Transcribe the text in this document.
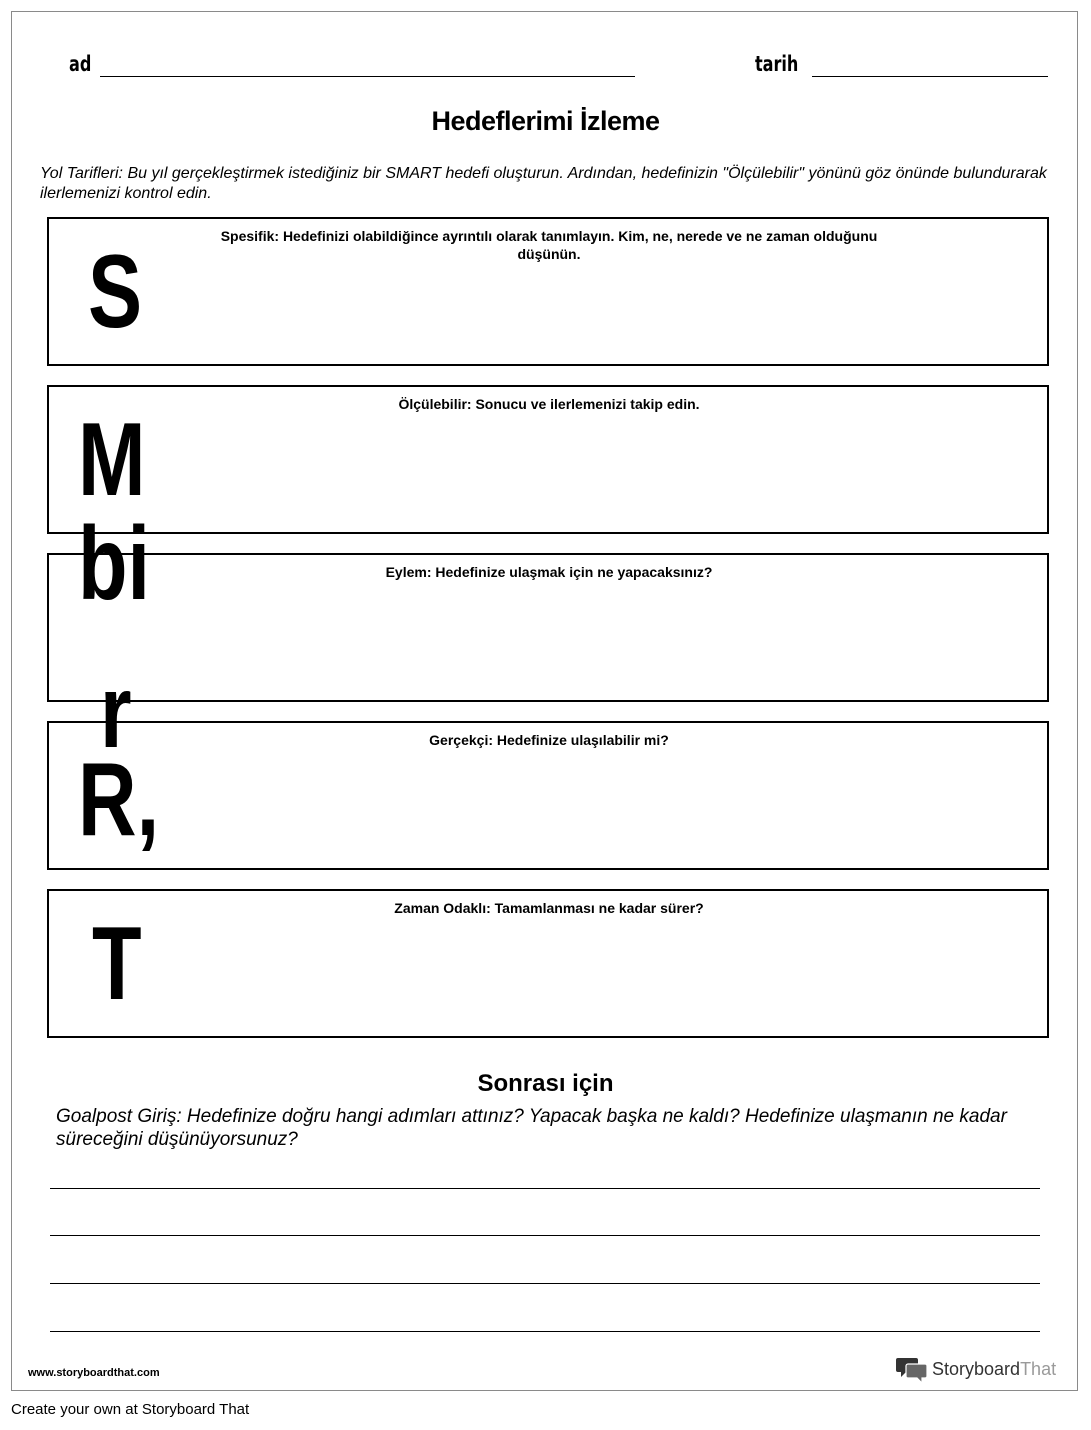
ad	tarih
Hedeflerimi İzleme
Yol Tarifleri: Bu yıl gerçekleştirmek istediğiniz bir SMART hedefi oluşturun. Ardından, hedefinizin "Ölçülebilir" yönünü göz önünde bulundurarak ilerlemenizi kontrol edin.
Spesifik: Hedefinizi olabildiğince ayrıntılı olarak tanımlayın. Kim, ne, nerede ve ne zaman olduğunu düşünün.
Ölçülebilir: Sonucu ve ilerlemenizi takip edin.
Eylem: Hedefinize ulaşmak için ne yapacaksınız?
Gerçekçi: Hedefinize ulaşılabilir mi?
Zaman Odaklı: Tamamlanması ne kadar sürer?
S
M
bi
r
R,
T
Sonrası için
Goalpost Giriş: Hedefinize doğru hangi adımları attınız? Yapacak başka ne kaldı? Hedefinize ulaşmanın ne kadar süreceğini düşünüyorsunuz?
www.storyboardthat.com	StoryboardThat
Create your own at Storyboard That
